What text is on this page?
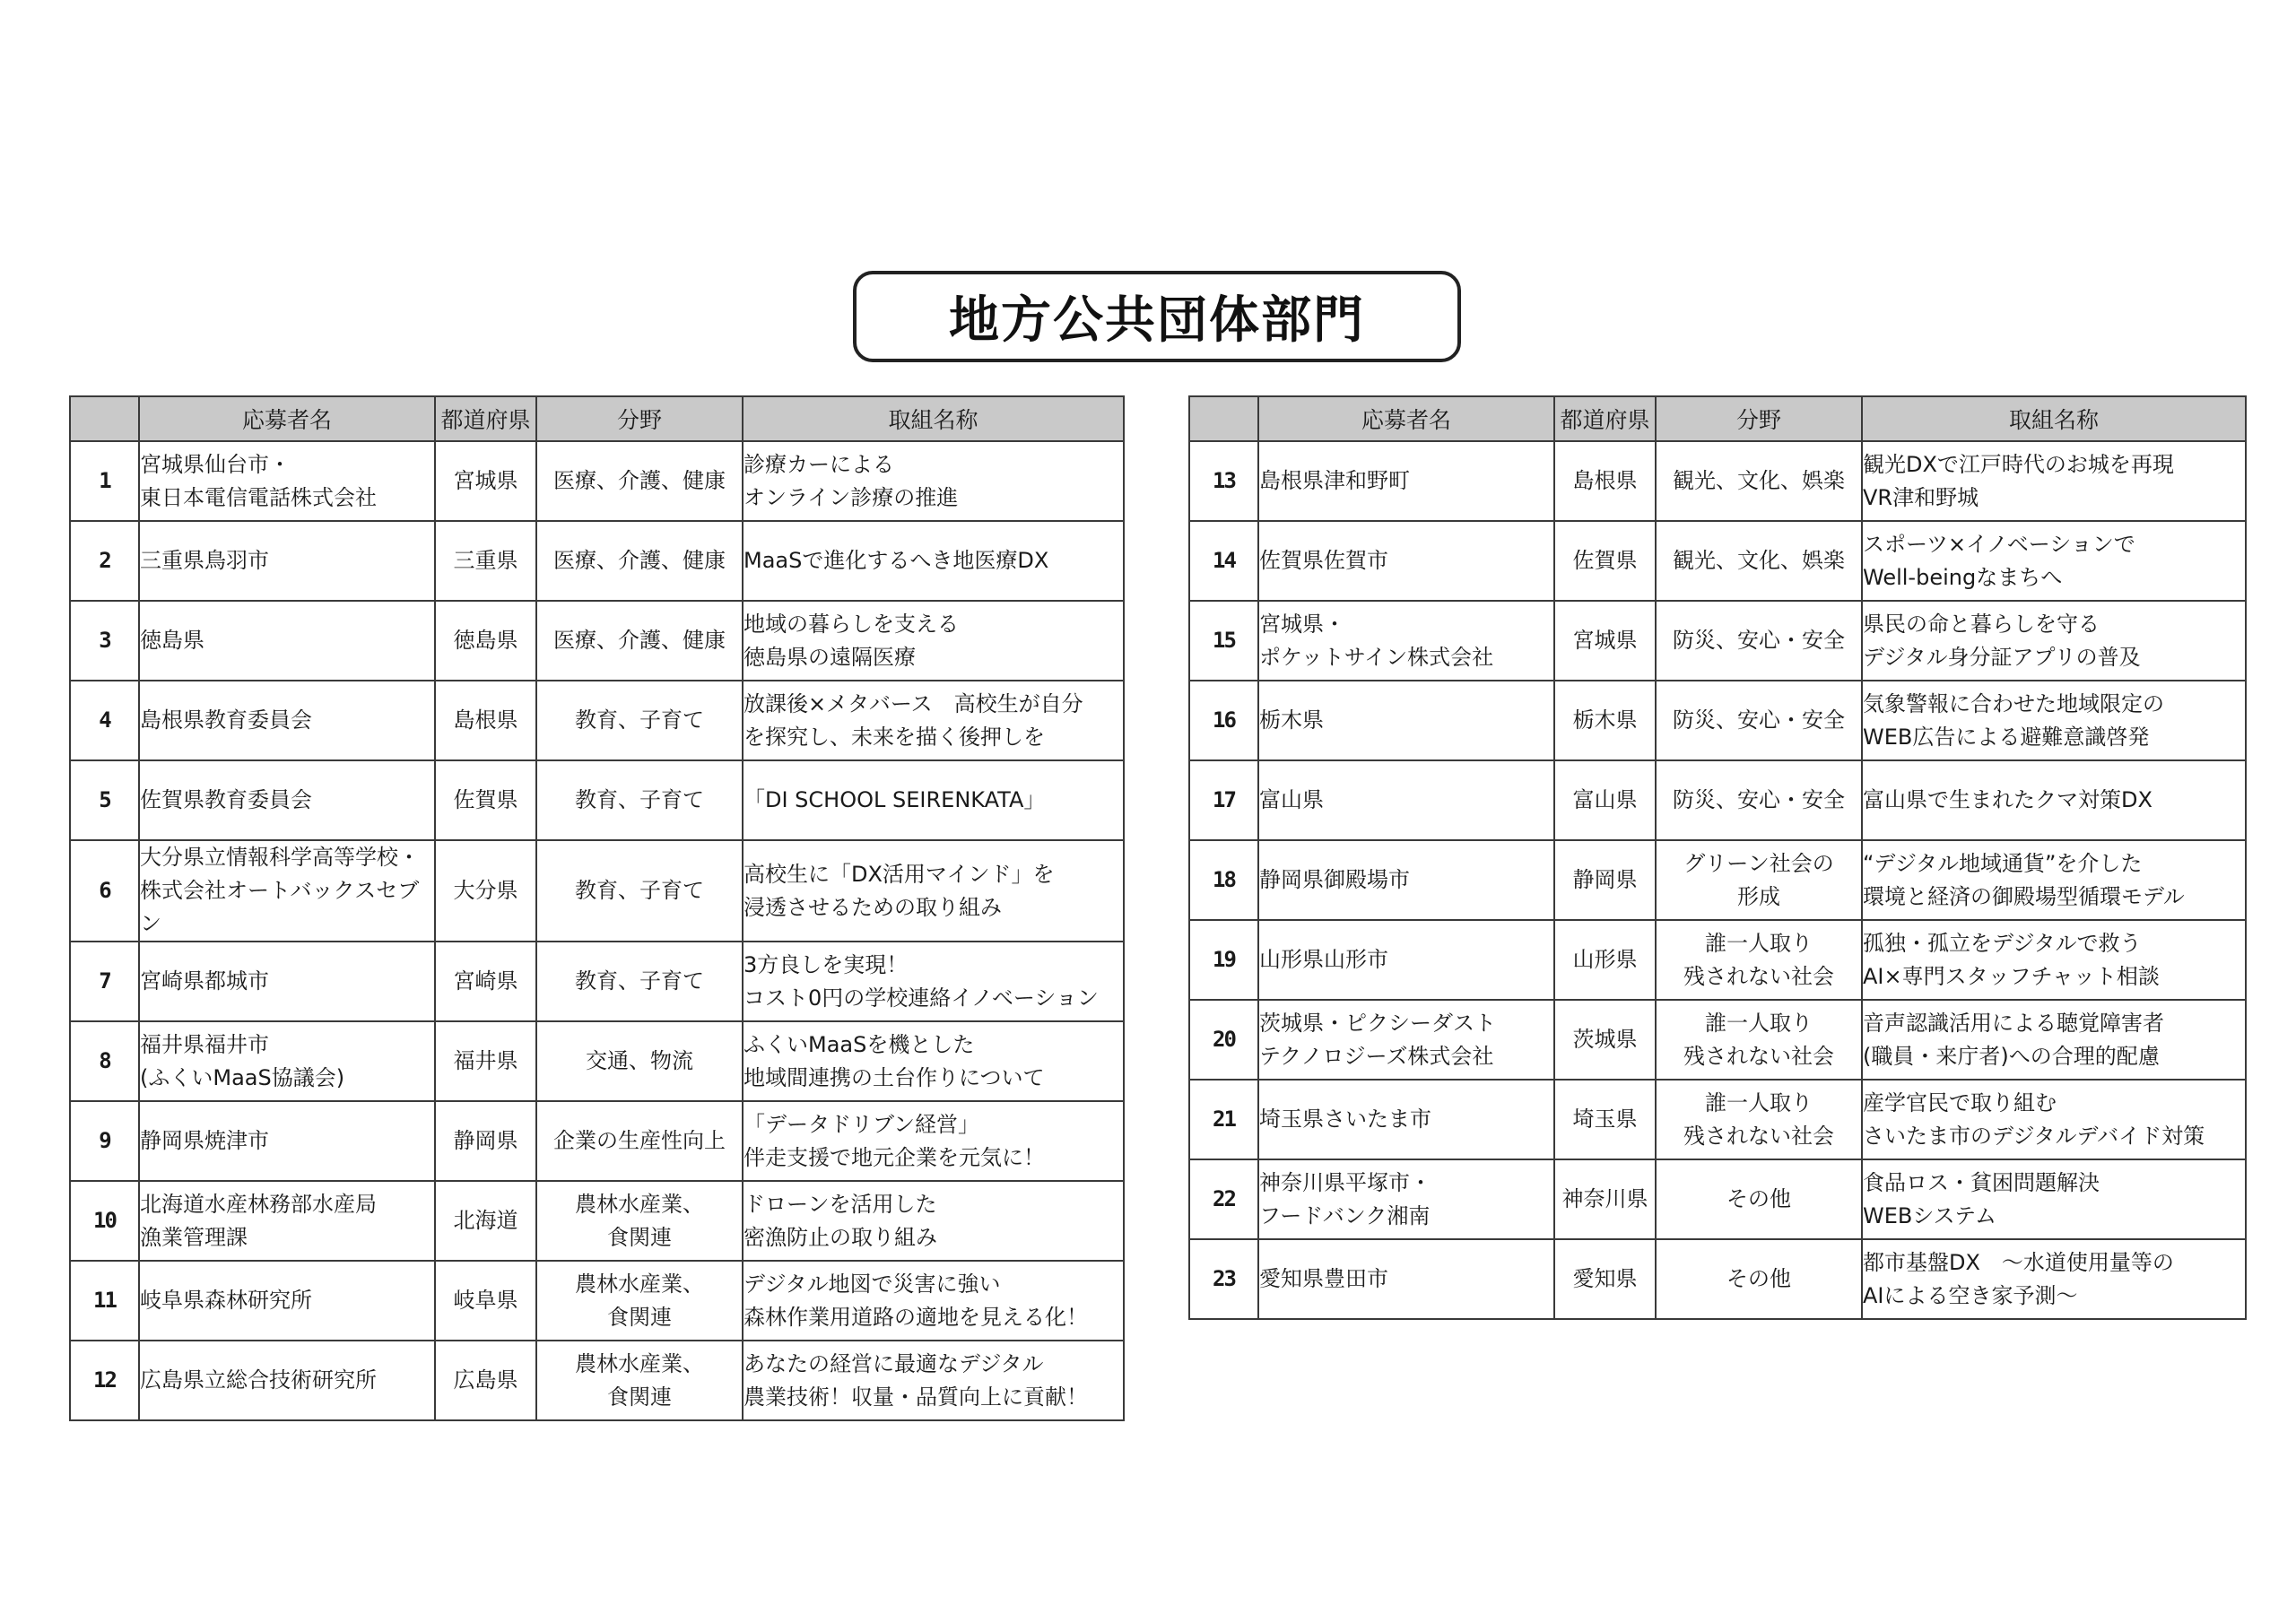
地方公共団体部門
	応募者名	都道府県	分野	取組名称
1	宮城県仙台市・
東日本電信電話株式会社	宮城県	医療、介護、健康	診療カーによる
オンライン診療の推進
2	三重県鳥羽市	三重県	医療、介護、健康	MaaSで進化するへき地医療DX
3	徳島県	徳島県	医療、介護、健康	地域の暮らしを支える
徳島県の遠隔医療
4	島根県教育委員会	島根県	教育、子育て	放課後×メタバース　高校生が自分
を探究し、未来を描く後押しを
5	佐賀県教育委員会	佐賀県	教育、子育て	「DI SCHOOL SEIRENKATA」
6	大分県立情報科学高等学校・
株式会社オートバックスセブン	大分県	教育、子育て	高校生に「DX活用マインド」を
浸透させるための取り組み
7	宮崎県都城市	宮崎県	教育、子育て	3方良しを実現！
コスト0円の学校連絡イノベーション
8	福井県福井市
(ふくいMaaS協議会)	福井県	交通、物流	ふくいMaaSを機とした
地域間連携の土台作りについて
9	静岡県焼津市	静岡県	企業の生産性向上	「データドリブン経営」
伴走支援で地元企業を元気に！
10	北海道水産林務部水産局
漁業管理課	北海道	農林水産業、
食関連	ドローンを活用した
密漁防止の取り組み
11	岐阜県森林研究所	岐阜県	農林水産業、
食関連	デジタル地図で災害に強い
森林作業用道路の適地を見える化！
12	広島県立総合技術研究所	広島県	農林水産業、
食関連	あなたの経営に最適なデジタル
農業技術！収量・品質向上に貢献！
	応募者名	都道府県	分野	取組名称
13	島根県津和野町	島根県	観光、文化、娯楽	観光DXで江戸時代のお城を再現
VR津和野城
14	佐賀県佐賀市	佐賀県	観光、文化、娯楽	スポーツ×イノベーションで
Well-beingなまちへ
15	宮城県・
ポケットサイン株式会社	宮城県	防災、安心・安全	県民の命と暮らしを守る
デジタル身分証アプリの普及
16	栃木県	栃木県	防災、安心・安全	気象警報に合わせた地域限定の
WEB広告による避難意識啓発
17	富山県	富山県	防災、安心・安全	富山県で生まれたクマ対策DX
18	静岡県御殿場市	静岡県	グリーン社会の
形成	“デジタル地域通貨”を介した
環境と経済の御殿場型循環モデル
19	山形県山形市	山形県	誰一人取り
残されない社会	孤独・孤立をデジタルで救う
AI×専門スタッフチャット相談
20	茨城県・ピクシーダスト
テクノロジーズ株式会社	茨城県	誰一人取り
残されない社会	音声認識活用による聴覚障害者
(職員・来庁者)への合理的配慮
21	埼玉県さいたま市	埼玉県	誰一人取り
残されない社会	産学官民で取り組む
さいたま市のデジタルデバイド対策
22	神奈川県平塚市・
フードバンク湘南	神奈川県	その他	食品ロス・貧困問題解決
WEBシステム
23	愛知県豊田市	愛知県	その他	都市基盤DX　～水道使用量等の
AIによる空き家予測～
